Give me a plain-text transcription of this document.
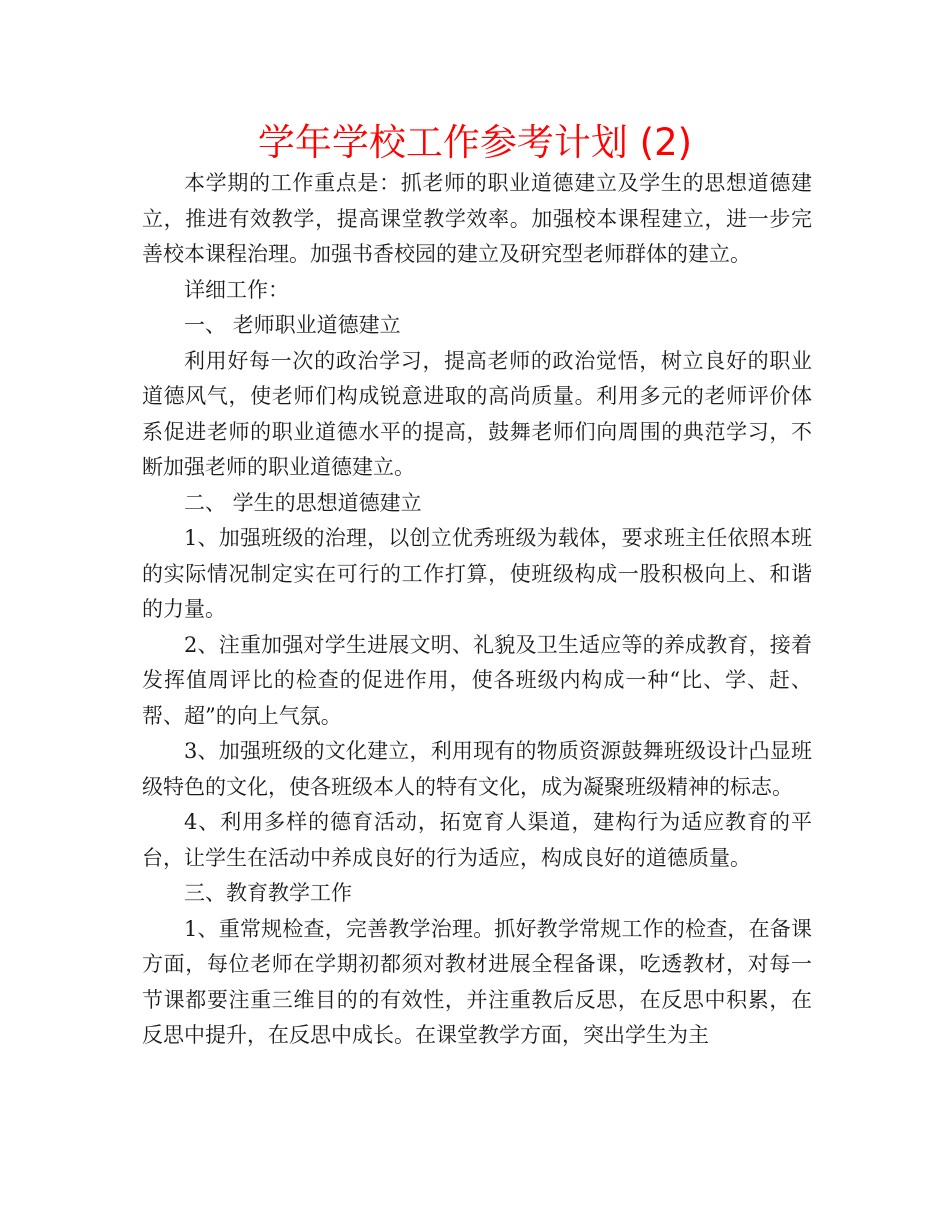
学年学校工作参考计划 (2)

本学期的工作重点是：抓老师的职业道德建立及学生的思想道德建立，推进有效教学，提高课堂教学效率。加强校本课程建立，进一步完善校本课程治理。加强书香校园的建立及研究型老师群体的建立。

详细工作：

一、 老师职业道德建立

利用好每一次的政治学习，提高老师的政治觉悟，树立良好的职业道德风气，使老师们构成锐意进取的高尚质量。利用多元的老师评价体系促进老师的职业道德水平的提高，鼓舞老师们向周围的典范学习，不断加强老师的职业道德建立。

二、 学生的思想道德建立

1、加强班级的治理，以创立优秀班级为载体，要求班主任依照本班的实际情况制定实在可行的工作打算，使班级构成一股积极向上、和谐的力量。

2、注重加强对学生进展文明、礼貌及卫生适应等的养成教育，接着发挥值周评比的检查的促进作用，使各班级内构成一种“比、学、赶、帮、超”的向上气氛。

3、加强班级的文化建立，利用现有的物质资源鼓舞班级设计凸显班级特色的文化，使各班级本人的特有文化，成为凝聚班级精神的标志。

4、利用多样的德育活动，拓宽育人渠道，建构行为适应教育的平台，让学生在活动中养成良好的行为适应，构成良好的道德质量。

三、教育教学工作

1、重常规检查，完善教学治理。抓好教学常规工作的检查，在备课方面，每位老师在学期初都须对教材进展全程备课，吃透教材，对每一节课都要注重三维目的的有效性，并注重教后反思，在反思中积累，在反思中提升，在反思中成长。在课堂教学方面，突出学生为主
